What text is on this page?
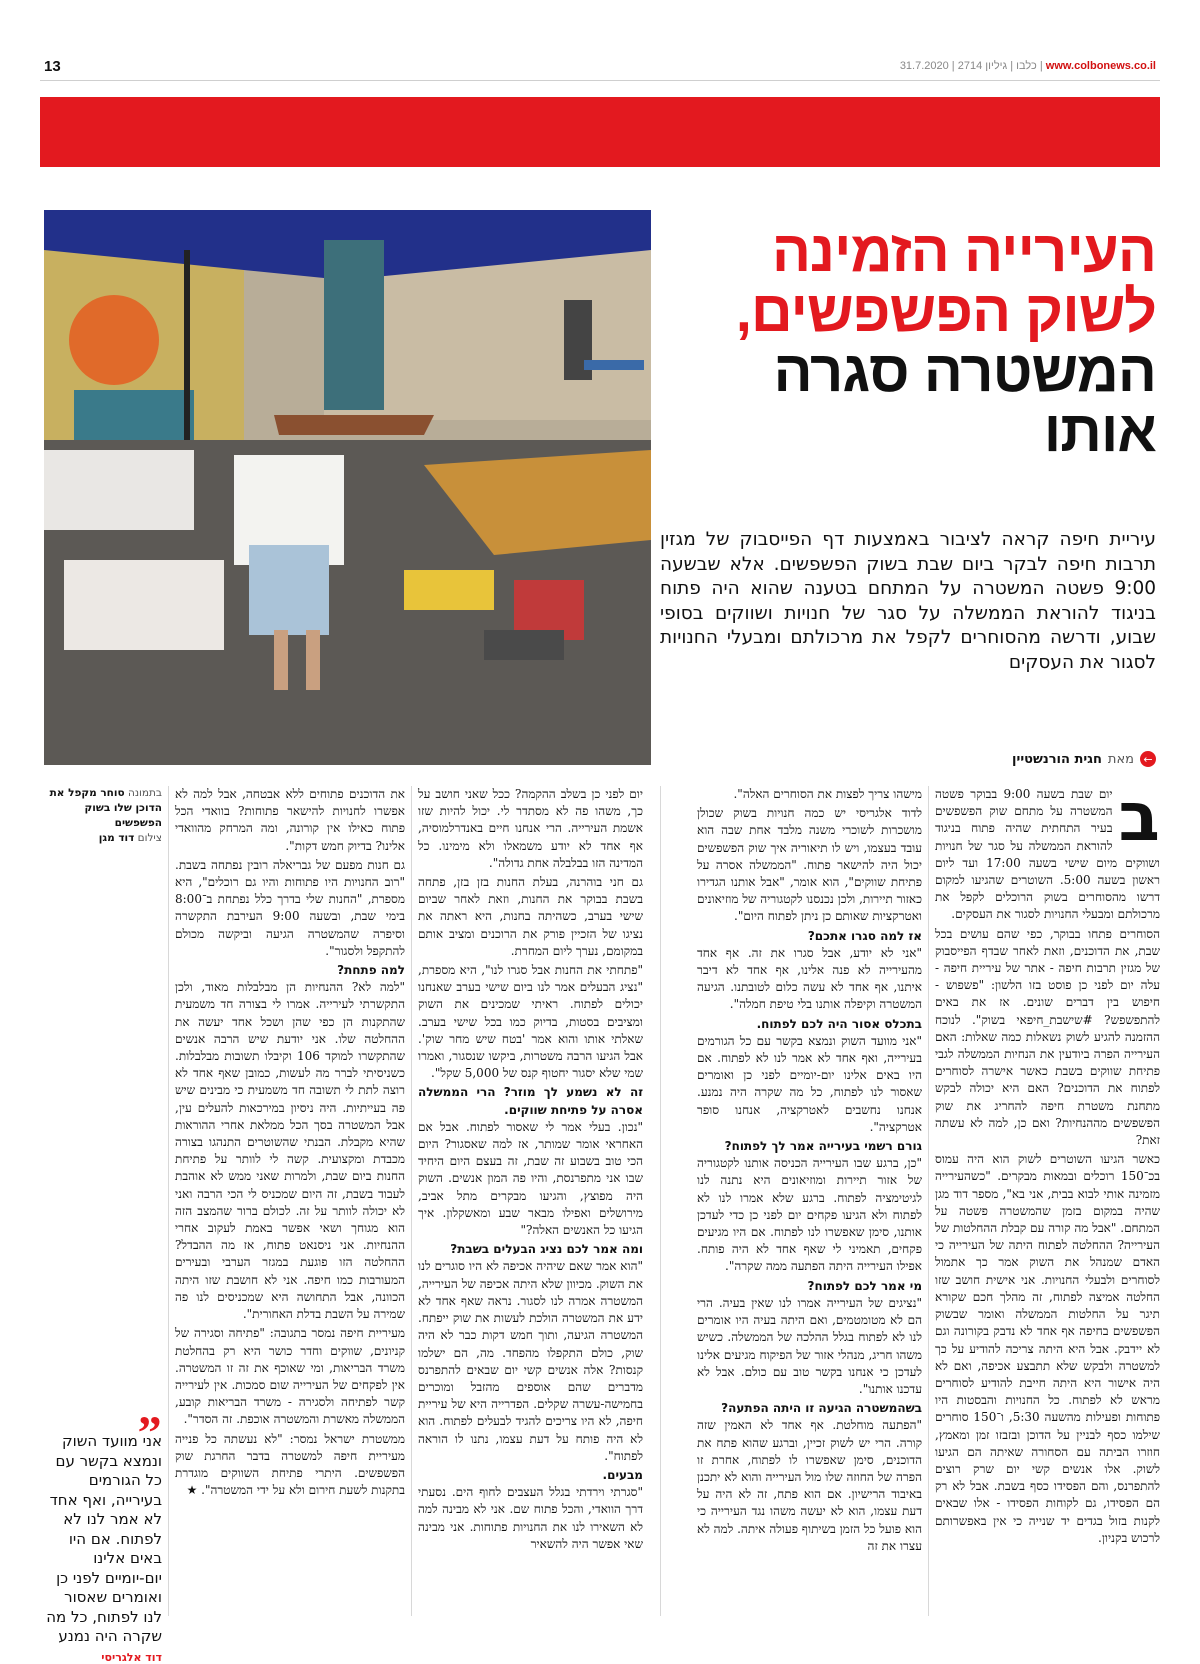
13	www.colbonews.co.il | כלבו | גיליון 2714 | 31.7.2020
העירייה הזמינה לשוק הפשפשים,
המשטרה סגרה אותו

עיריית חיפה קראה לציבור באמצעות דף הפייסבוק של מגזין תרבות חיפה לבקר ביום שבת בשוק הפשפשים. אלא שבשעה 9:00 פשטה המשטרה על המתחם בטענה שהוא היה פתוח בניגוד להוראת הממשלה על סגר של חנויות ושווקים בסופי שבוע, ודרשה מהסוחרים לקפל את מרכולתם ומבעלי החנויות לסגור את העסקים

←
מאת
חגית הורנשטיין
ב

יום שבת בשעה 9:00 בבוקר פשטה המשטרה על מתחם שוק הפשפשים בעיר התחתית שהיה פתוח בניגוד להוראת הממשלה על סגר של חנויות ושווקים מיום שישי בשעה 17:00 ועד ליום ראשון בשעה 5:00. השוטרים שהגיעו למקום דרשו מהסוחרים בשוק הרוכלים לקפל את מרכולתם ומבעלי החנויות לסגור את העסקים.

הסוחרים פתחו בבוקר, כפי שהם עושים בכל שבת, את הדוכנים, וזאת לאחר שבדף הפייסבוק של מגזין תרבות חיפה - אתר של עיריית חיפה - עלה יום לפני כן פוסט בזו הלשון: "פשפוש - חיפוש בין דברים שונים. אז את באים להתפשפש? #שישבת_חיפאי בשוק". לנוכח ההזמנה להגיע לשוק נשאלות כמה שאלות: האם העירייה הפרה ביודעין את הנחיות הממשלה לגבי פתיחת שווקים בשבת כאשר אישרה לסוחרים לפתוח את הדוכנים? האם היא יכולה לבקש מתחנת משטרת חיפה להחריג את שוק הפשפשים מההנחיות? ואם כן, למה לא עשתה זאת?

כאשר הגיעו השוטרים לשוק הוא היה עמוס בכ־150 רוכלים ובמאות מבקרים. "כשהעירייה מזמינה אותי לבוא בבית, אני בא", מספר דוד מגן שהיה במקום בזמן שהמשטרה פשטה על המתחם. "אבל מה קורה עם קבלת ההחלטות של העירייה? ההחלטה לפתוח היתה של העירייה כי האדם שמנהל את השוק אמר כך אתמול לסוחרים ולבעלי החנויות. אני אישית חושב שזו החלטה אמיצה לפתוח, זה מהלך חכם שקורא תיגר על החלטות הממשלה ואומר שבשוק הפשפשים בחיפה אף אחד לא נדבק בקורונה וגם לא יידבק. אבל היא היתה צריכה להודיע על כך למשטרה ולבקש שלא תתבצע אכיפה, ואם לא היה אישור היא היתה חייבת להודיע לסוחרים מראש לא לפתוח. כל החנויות והבסטות היו פתוחות ופעילות מהשעה 5:30, ו־150 סוחרים שילמו כסף לבניין על הדוכן ובזבזו זמן ומאמץ, חוזרו הביתה עם הסחורה שאיתה הם הגיעו לשוק. אלו אנשים קשי יום שרק רוצים להתפרנס, והם הפסידו כסף בשבת. אבל לא רק הם הפסידו, גם לקוחות הפסידו - אלו שבאים לקנות בזול בגדים יד שנייה כי אין באפשרותם לרכוש בקניון.

מישהו צריך לפצות את הסוחרים האלה".

לדוד אלגריסי יש כמה חנויות בשוק שכולן מושכרות לשוכרי משנה מלבד אחת שבה הוא עובד בעצמו, ויש לו תיאוריה איך שוק הפשפשים יכול היה להישאר פתוח. "הממשלה אסרה על פתיחת שווקים", הוא אומר, "אבל אותנו הגדירו כאזור תיירות, ולכן נכנסנו לקטגוריה של מוזיאונים ואטרקציות שאותם כן ניתן לפתוח היום".

אז למה סגרו אתכם?

"אני לא יודע, אבל סגרו את זה. אף אחד מהעירייה לא פנה אלינו, אף אחד לא דיבר איתנו, אף אחד לא עשה כלום לטובתנו. הגיעה המשטרה וקיפלה אותנו בלי טיפת חמלה".

בתכלס אסור היה לכם לפתוח.

"אני מוועד השוק ונמצא בקשר עם כל הגורמים בעירייה, ואף אחד לא אמר לנו לא לפתוח. אם היו באים אלינו יום-יומיים לפני כן ואומרים שאסור לנו לפתוח, כל מה שקרה היה נמנע. אנחנו נחשבים לאטרקציה, אנחנו סופר אטרקציה".

גורם רשמי בעירייה אמר לך לפתוח?

"כן, ברגע שבו העירייה הכניסה אותנו לקטגוריה של אזור תיירות ומוזיאונים היא נתנה לנו לגיטימציה לפתוח. ברגע שלא אמרו לנו לא לפתוח ולא הגיעו פקחים יום לפני כן כדי לעדכן אותנו, סימן שאפשרו לנו לפתוח. אם היו מגיעים פקחים, תאמיני לי שאף אחד לא היה פותח. אפילו העירייה היתה הפתעה ממה שקרה".

מי אמר לכם לפתוח?

"נציגים של העירייה אמרו לנו שאין בעיה. הרי הם לא מטומטמים, ואם היתה בעיה היו אומרים לנו לא לפתוח בגלל ההלכה של הממשלה. כשיש משהו חריג, מנהלי אזור של הפיקוח מגיעים אלינו לעדכן כי אנחנו בקשר טוב עם כולם. אבל לא עדכנו אותנו".

בשהמשטרה הגיעה זו היתה הפתעה?

"הפתעה מוחלטת. אף אחד לא האמין שזה קורה. הרי יש לשוק זכיין, וברגע שהוא פתח את הדוכנים, סימן שאפשרו לו לפתוח, אחרת זו הפרה של החוזה שלו מול העירייה והוא לא יתכנן באיבוד הרישיון. אם הוא פתח, זה לא היה על דעת עצמו, הוא לא יעשה משהו נגד העירייה כי הוא פועל כל הזמן בשיתוף פעולה איתה. למה לא עצרו את זה

יום לפני כן בשלב ההקמה? ככל שאני חושב על כך, משהו פה לא מסתדר לי. יכול להיות שזו אשמת העירייה. הרי אנחנו חיים באנדרלמוסיה, אף אחד לא יודע משמאלו ולא מימינו. כל המדינה הזו בבלבלה אחת גדולה".

גם חני בוהרנה, בעלת החנות בזן בזן, פתחה בשבת בבוקר את החנות, וזאת לאחר שביום שישי בערב, כשהיתה בחנות, היא ראתה את נציגו של הזכיין פורק את הרוכנים ומציב אותם במקומם, נערך ליום המחרת.

"פתחתי את החנות אבל סגרו לנו", היא מספרת, "נציג הבעלים אמר לנו ביום שישי בערב שאנחנו יכולים לפתוח. ראיתי שמכינים את השוק ומציבים בסטות, בדיוק כמו בכל שישי בערב. שאלתי אותו והוא אמר 'בטח שיש מחר שוק'. אבל הגיעו הרבה משטרות, ביקשו שנסגור, ואמרו שמי שלא יסגור יחטוף קנס של 5,000 שקל".

זה לא נשמע לך מוזר? הרי הממשלה אסרה על פתיחת שווקים.

"נכון. בעלי אמר לי שאסור לפתוח. אבל אם האחראי אומר שמותר, אז למה שאסגור? היום הכי טוב בשבוע זה שבת, זה בעצם היום היחיד שבו אני מתפרנסת, והיו פה המון אנשים. השוק היה מפוצץ, והגיעו מבקרים מתל אביב, מירושלים ואפילו מבאר שבע ומאשקלון. איך הגיעו כל האנשים האלה?"

ומה אמר לכם נציג הבעלים בשבת?

"הוא אמר שאם שיהיה אכיפה לא היו סוגרים לנו את השוק. מכיוון שלא היתה אכיפה של העירייה, המשטרה אמרה לנו לסגור. נראה שאף אחד לא ידע את המשטרה הולכת לעשות את שוק ייפתח. המשטרה הגיעה, ותוך חמש דקות כבר לא היה שוק, כולם התקפלו מהפחד. מה, הם ישלמו קנסות? אלה אנשים קשי יום שבאים להתפרנס מדברים שהם אוספים מהזבל ומוכרים בחמישה-עשרה שקלים. הפדרייה היא של עיריית חיפה, לא היו צריכים להגיד לבעלים לפתוח. הוא לא היה פותח על דעת עצמו, נתנו לו הוראה לפתוח".

מבעים.

"סגרתי וירדתי בגלל העצבים לחוף הים. נסעתי דרך הוואדי, והכל פתוח שם. אני לא מבינה למה לא השאירו לנו את החנויות פתוחות. אני מבינה שאי אפשר היה להשאיר

את הדוכנים פתוחים ללא אבטחה, אבל למה לא אפשרו לחנויות להישאר פתוחות? בוואדי הכל פתוח כאילו אין קורונה, ומה המרחק מהוואדי אלינו? בדיוק חמש דקות".

גם חנות מפעם של גבריאלה רובין נפתחה בשבת. "רוב החנויות היו פתוחות והיו גם רוכלים", היא מספרת, "החנות שלי בדרך כלל נפתחת ב־8:00 בימי שבת, ובשעה 9:00 העירבת התקשרה וסיפרה שהמשטרה הגיעה וביקשה מכולם להתקפל ולסגור".

למה פתחת?

"למה לא? ההנחיות הן מבלבלות מאוד, ולכן התקשרתי לעירייה. אמרו לי בצורה חד משמעית שהתקנות הן כפי שהן ושכל אחד יעשה את ההחלטה שלו. אני יודעת שיש הרבה אנשים שהתקשרו למוקד 106 וקיבלו תשובות מבלבלות. כשניסיתי לברר מה לעשות, כמובן שאף אחד לא רוצה לתת לי תשובה חד משמעית כי מבינים שיש פה בעייתיות. היה ניסיון במירכאות להעלים עין, אבל המשטרה בסך הכל ממלאת אחרי ההוראות שהיא מקבלת. הבנתי שהשוטרים התנהגו בצורה מכבדת ומקצועית. קשה לי לוותר על פתיחת החנות ביום שבת, ולמרות שאני ממש לא אוהבת לעבוד בשבת, זה היום שמכניס לי הכי הרבה ואני לא יכולה לוותר על זה. לכולם ברור שהמצב הזה הוא מגוחך ושאי אפשר באמת לעקוב אחרי ההנחיות. אני ניסנאט פתוח, אז מה ההבדל? ההחלטה הזו פוגעת במגזר הערבי ובעירים המעורבות כמו חיפה. אני לא חושבת שזו היתה הכוונה, אבל התחושה היא שמכניסים לנו פה שמירה על השבת בדלת האחורית".

מעיריית חיפה נמסר בתגובה: "פתיחה וסגירה של קניונים, שווקים וחדר כושר היא רק בהחלטת משרד הבריאות, ומי שאוכף את זה זו המשטרה. אין לפקחים של העירייה שום סמכות. אין לעירייה קשר לפתיחה ולסגירה - משרד הבריאות קובע, הממשלה מאשרת והמשטרה אוכפת. זה הסדר".

ממשטרת ישראל נמסר: "לא נעשתה כל פנייה מעיריית חיפה למשטרה בדבר החרגת שוק הפשפשים. היתרי פתיחת השווקים מוגדרת בתקנות לשעת חירום ולא על ידי המשטרה". ★

בתמונה סוחר מקפל את הדוכן שלו בשוק הפשפשים
צילום דוד מגן
„
אני מוועד השוק ונמצא בקשר עם כל הגורמים בעירייה, ואף אחד לא אמר לנו לא לפתוח. אם היו באים אלינו יום-יומיים לפני כן ואומרים שאסור לנו לפתוח, כל מה שקרה היה נמנע
דוד אלגריסי
